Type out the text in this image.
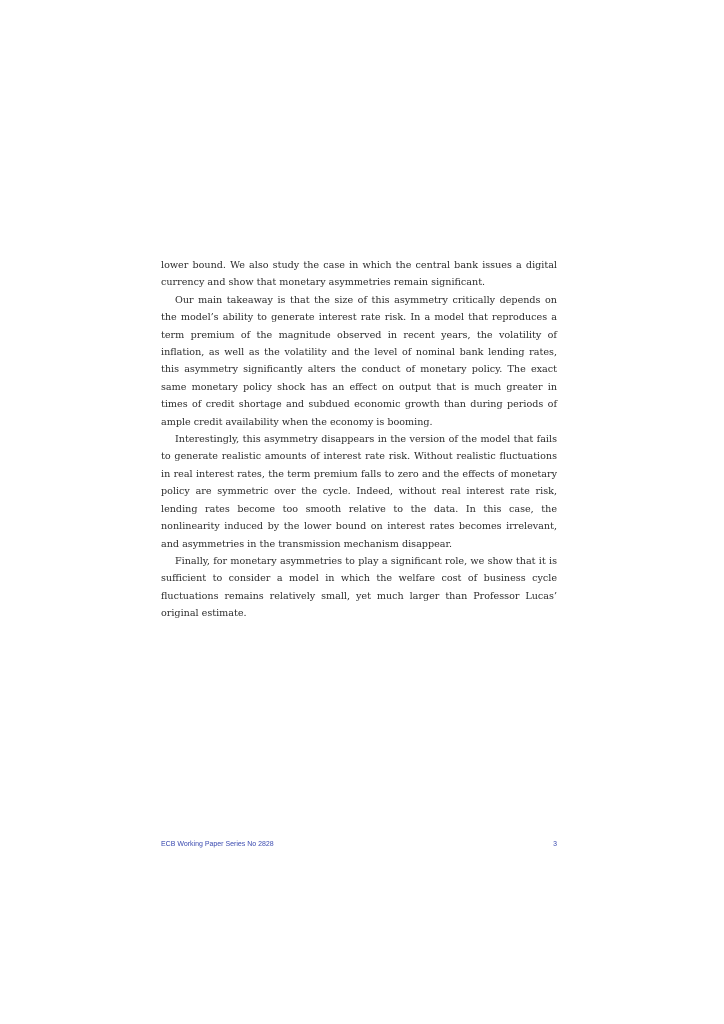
lower bound. We also study the case in which the central bank issues a digital currency and show that monetary asymmetries remain significant.

Our main takeaway is that the size of this asymmetry critically depends on the model’s ability to generate interest rate risk. In a model that reproduces a term premium of the magnitude observed in recent years, the volatility of inflation, as well as the volatility and the level of nominal bank lending rates, this asymmetry significantly alters the conduct of monetary policy. The exact same monetary policy shock has an effect on output that is much greater in times of credit shortage and subdued economic growth than during periods of ample credit availability when the economy is booming.

Interestingly, this asymmetry disappears in the version of the model that fails to generate realistic amounts of interest rate risk. Without realistic fluctuations in real interest rates, the term premium falls to zero and the effects of monetary policy are symmetric over the cycle. Indeed, without real interest rate risk, lending rates become too smooth relative to the data. In this case, the nonlinearity induced by the lower bound on interest rates becomes irrelevant, and asymmetries in the transmission mechanism disappear.

Finally, for monetary asymmetries to play a significant role, we show that it is sufficient to consider a model in which the welfare cost of business cycle fluctuations remains relatively small, yet much larger than Professor Lucas’ original estimate.

ECB Working Paper Series No 2828	3
